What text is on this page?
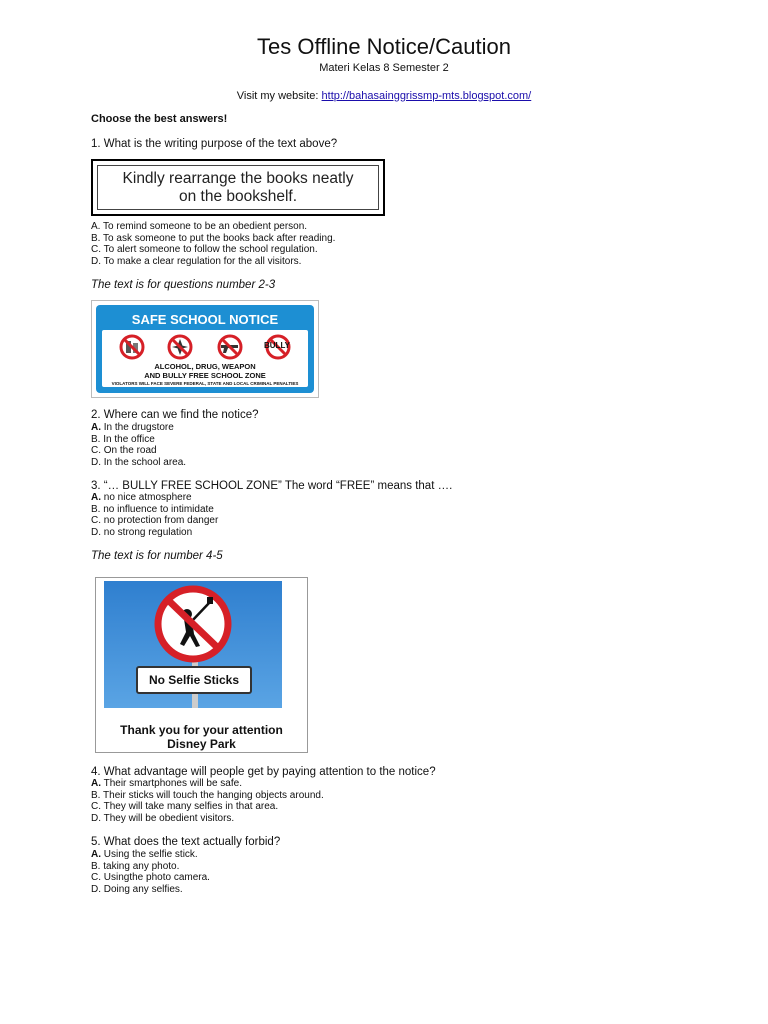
Tes Offline Notice/Caution
Materi Kelas 8 Semester 2
Visit my website: http://bahasainggrissmp-mts.blogspot.com/
Choose the best answers!
1. What is the writing purpose of the text above?
Kindly rearrange the books neatly
on the bookshelf.
A. To remind someone to be an obedient person.
B. To ask someone to put the books back after reading.
C. To alert someone to follow the school regulation.
D. To make a clear regulation for the all visitors.
The text is for questions number 2-3
SAFE SCHOOL NOTICE
BULLY
ALCOHOL, DRUG, WEAPON
AND BULLY FREE SCHOOL ZONE
VIOLATORS WILL FACE SEVERE FEDERAL, STATE AND LOCAL CRIMINAL PENALTIES
2. Where can we find the notice?
A. In the drugstore
B. In the office
C. On the road
D. In the school area.
3. “… BULLY FREE SCHOOL ZONE” The word “FREE” means that ….
A. no nice atmosphere
B. no influence to intimidate
C. no protection from danger
D. no strong regulation
The text is for number 4-5
No Selfie Sticks
Thank you for your attention
Disney Park
4. What advantage will people get by paying attention to the notice?
A. Their smartphones will be safe.
B. Their sticks will touch the hanging objects around.
C. They will take many selfies in that area.
D. They will be obedient visitors.
5. What does the text actually forbid?
A. Using the selfie stick.
B. taking any photo.
C. Usingthe photo camera.
D. Doing any selfies.
